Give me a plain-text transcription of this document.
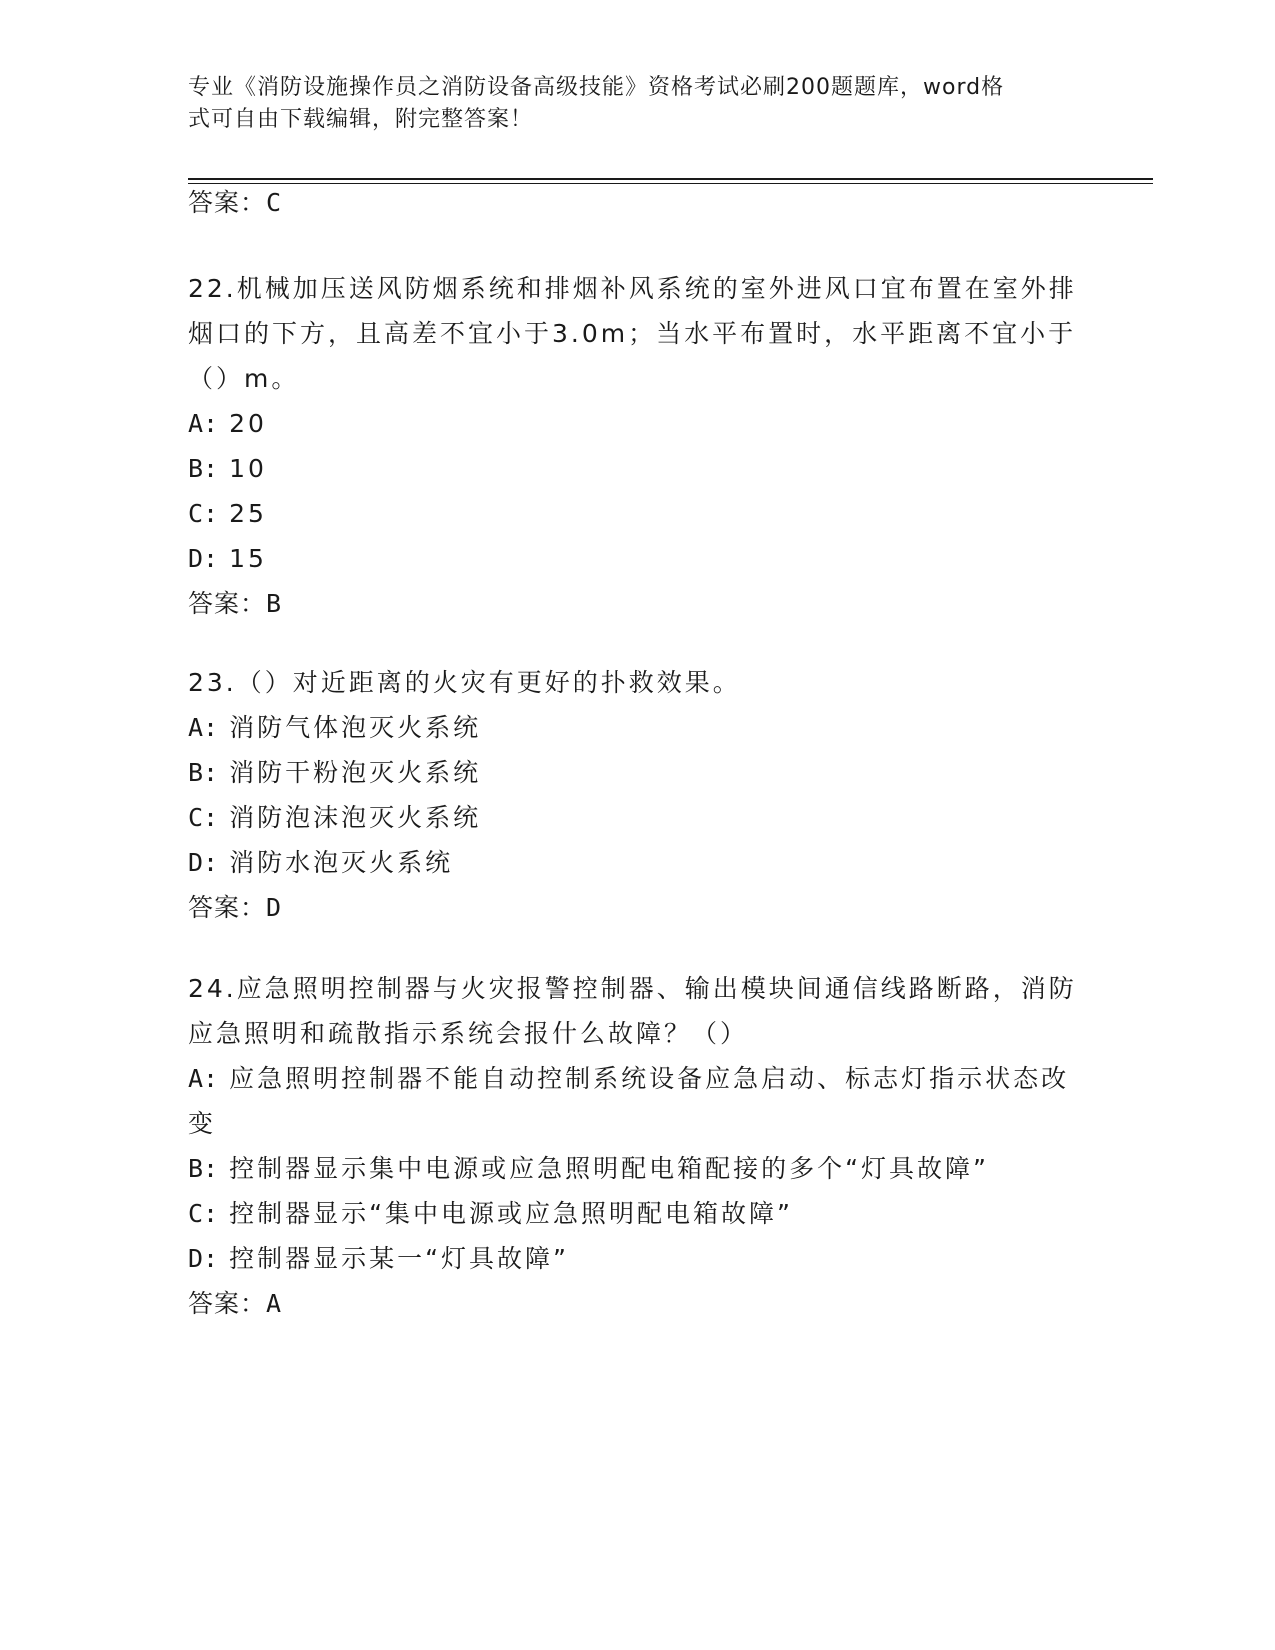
专业《消防设施操作员之消防设备高级技能》资格考试必刷200题题库，word格
式可自由下载编辑，附完整答案！

答案：C

22.机械加压送风防烟系统和排烟补风系统的室外进风口宜布置在室外排烟口的下方，且高差不宜小于3.0m；当水平布置时，水平距离不宜小于（）m。

A: 20

B: 10

C: 25

D: 15

答案：B

23.（）对近距离的火灾有更好的扑救效果。

A: 消防气体泡灭火系统

B: 消防干粉泡灭火系统

C: 消防泡沫泡灭火系统

D: 消防水泡灭火系统

答案：D

24.应急照明控制器与火灾报警控制器、输出模块间通信线路断路，消防应急照明和疏散指示系统会报什么故障？（）

A: 应急照明控制器不能自动控制系统设备应急启动、标志灯指示状态改变

B: 控制器显示集中电源或应急照明配电箱配接的多个“灯具故障”

C: 控制器显示“集中电源或应急照明配电箱故障”

D: 控制器显示某一“灯具故障”

答案：A
